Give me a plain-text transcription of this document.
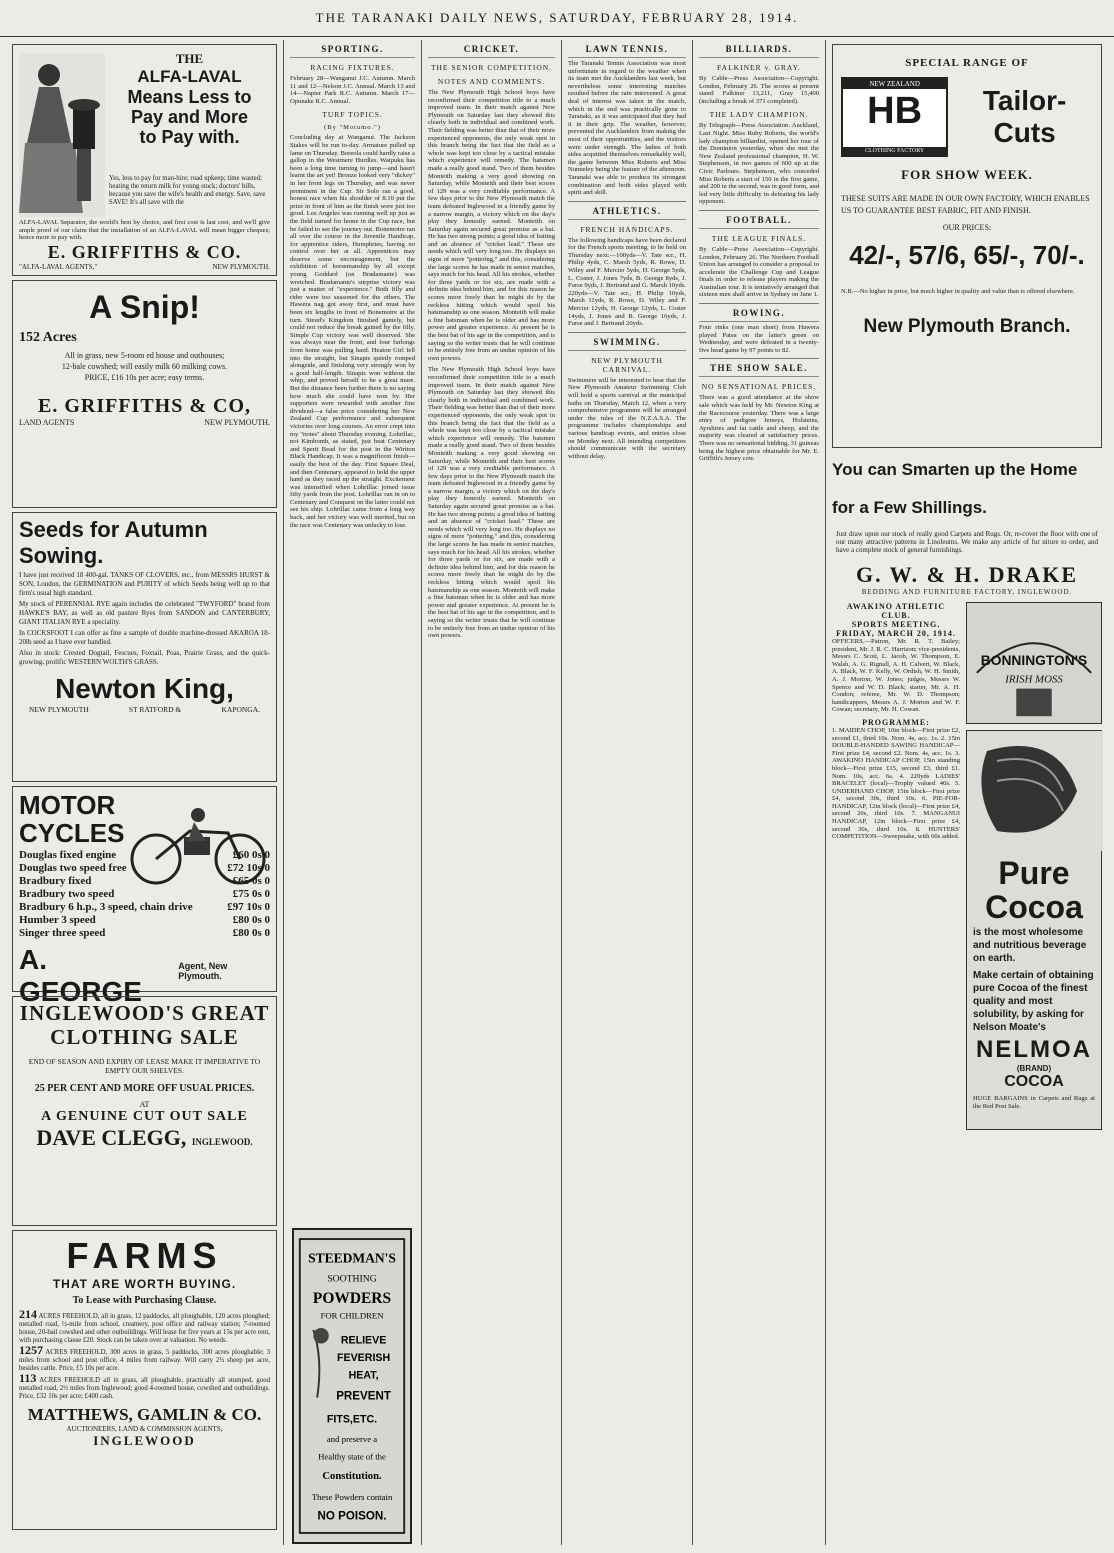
THE TARANAKI DAILY NEWS, SATURDAY, FEBRUARY 28, 1914.
THE
ALFA-LAVAL
Means Less to
Pay and More
to Pay with.
Yes, less to pay for man-hire; road upkeep; time wasted; heating the return milk for young stock; doctors' bills, because you save the wife's health and energy. Save, save SAVE! It's all save with the
ALFA-LAVAL Separator, the world's best by choice, and first cost is last cost, and we'll give ample proof of our claim that the installation of an ALFA-LAVAL will mean bigger cheques; hence more to pay with.
E. GRIFFITHS & CO.
"ALFA-LAVAL AGENTS,"	NEW PLYMOUTH.
A Snip!
152 Acres
All in grass, new 5-room ed house and outhouses;
12-bale cowshed; will easily milk 60 milking cows.
PRICE, £16 10s per acre; easy terms.
E. GRIFFITHS & CO,
LAND AGENTS	NEW PLYMOUTH.
Seeds for Autumn Sowing.

I have just received 18 400-gal. TANKS OF CLOVERS, etc., from MESSRS HURST & SON, London, the GERMINATION and PURITY of which Seeds being well up to that firm's usual high standard.

My stock of PERENNIAL RYE again includes the celebrated "TWYFORD" brand from HAWKE'S BAY, as well as old pasture Ryes from SANDON and CANTERBURY, GIANT ITALIAN RYE a speciality.

In COCKSFOOT I can offer as fine a sample of double machine-dressed AKAROA 18-20lb seed as I have ever handled.

Also in stock: Crested Dogtail, Fescues, Foxtail, Poas, Prairie Grass, and the quick-growing, prolific WESTERN WOLTH'S GRASS.

Newton King,
NEW PLYMOUTH	ST RATFORD &	KAPONGA.
MOTOR
CYCLES
Douglas fixed engine	£60 0s 0
Douglas two speed free	£72 10s 0
Bradbury fixed	£65 0s 0
Bradbury two speed	£75 0s 0
Bradbury 6 h.p., 3 speed, chain drive	£97 10s 0
Humber 3 speed	£80 0s 0
Singer three speed	£80 0s 0
A. GEORGE
Agent, New Plymouth.
INGLEWOOD'S GREAT
CLOTHING SALE
END OF SEASON AND EXPIRY OF LEASE MAKE IT IMPERATIVE TO EMPTY OUR SHELVES.
25 PER CENT AND MORE OFF USUAL PRICES.
AT
A GENUINE CUT OUT SALE
DAVE CLEGG, INGLEWOOD.
FARMS
THAT ARE WORTH BUYING.
To Lease with Purchasing Clause.
214 ACRES FREEHOLD, all in grass, 12 paddocks, all ploughable, 120 acres ploughed; metalled road, ½-mile from school, creamery, post office and railway station; 7-roomed house, 20-bail cowshed and other outbuildings. Will lease for five years at 15s per acre rent, with purchasing clause £20. Stock can be taken over at valuation. No weeds.
1257 ACRES FREEHOLD, 300 acres in grass, 5 paddocks, 300 acres ploughable; 3 miles from school and post office, 4 miles from railway. Will carry 2½ sheep per acre, besides cattle. Price, £5 10s per acre.
113 ACRES FREEHOLD all in grass, all ploughable, practically all stumped, good metalled road, 2½ miles from Inglewood; good 4-roomed house, cowshed and outbuildings. Price, £32 10s per acre; £400 cash.
MATTHEWS, GAMLIN & CO.
AUCTIONEERS, LAND & COMMISSION AGENTS,
INGLEWOOD
SPORTING.
RACING FIXTURES.

February 28—Wanganui J.C. Autumn. March 11 and 12—Nelson J.C. Annual. March 13 and 14—Napier Park R.C. Autumn. March 17—Opunake R.C. Annual.

TURF TOPICS.
(By "Motumo.")

Concluding day at Wanganui. The Jackson Stakes will be run to-day. Armature pulled up lame on Thursday. Boreola could hardly raise a gallop in the Westmere Hurdles. Waipuku has been a long time turning to jump—and hasn't learnt the art yet! Bronze looked very "dickey" in her front legs on Thursday, and was never prominent in the Cup. Sir Solo ran a good, honest race when his shoulder of 8.10 put the prize in front of him as the finish were just too good. Los Angeles was running well up just as the field turned for home in the Cup race, but he failed to see the journey out. Bonemotre ran all over the course in the Juvenile Handicap, for apprentice riders, Humphries, having no control over her at all. Apprentices may deserve some encouragement, but the exhibition of horsemanship by all except young Goddard (on Bradamante) was wretched. Bradamante's surprise victory was just a matter of "experience." Both filly and rider were too seasoned for the others. The Hawera nag got away first, and must have been six lengths in front of Bonemotre at the turn. Steud's Kingdom finished gamely, but could not reduce the break gained by the filly. Simple Cup victory was well deserved. She was always near the front, and four furlongs from home was pulling hard. Heaton Girl fell into the straight, but Sinapis quietly romped alongside, and finishing very strongly won by a good half-length. Sinapis won without the whip, and proved herself to be a great mare. But the distance been further there is no saying how much she could have won by. Her supporters were rewarded with another fine dividend—a false price considering her New Zealand Cup performance and subsequent victories over long courses. An error crept into my "notes" about Thursday evening. Lohrillac, not Kimbomb, as stated, just beat Centenary and Sperit Bead for the post in the Wirtton Black Handicap. It was a magnificent finish—easily the best of the day. First Square Deal, and then Centenary, appeared to hold the upper hand as they raced up the straight. Excitement was intensified when Lohrillac joined issue fifty yards from the post. Lohrillac ran in on to Centenary and Conquest on the latter could not see his ship. Lohrillac came from a long way back, and her victory was well merited, but on the race was Centenary was unlucky to lose.

CRICKET.
THE SENIOR COMPETITION.
NOTES AND COMMENTS.

The New Plymouth High School boys have reconfirmed their competition title to a much improved team. In their match against New Plymouth on Saturday last they showed this clearly both in individual and combined work. Their fielding was better than that of their more experienced opponents, the only weak spot in this branch being the fact that the field as a whole was kept too close by a tactical mistake which experience will remedy. The batsmen made a really good stand. Two of them besides Monteith making a very good showing on Saturday, while Monteith and their best scores of 129 was a very creditable performance. A few days prior to the New Plymouth match the team defeated Inglewood in a friendly game by a narrow margin, a victory which on the day's play they honestly earned. Monteith on Saturday again secured great promise as a bat. He has two strong points; a good idea of batting and an absence of "cricket lead." These are needs which will very long too. He displays no signs of mere "pottering," and this, considering the large scores he has made in senior matches, says much for his head. All his strokes, whether for three yards or for six, are made with a definite idea behind him, and for this reason he scores more freely than he might do by the reckless hitting which would spoil his batsmanship as one season. Monteith will make a fine batsman when he is older and has more power and greater experience. At present he is the best bat of his age in the competition, and is saying so the writer trusts that he will continue to be entirely free from an undue opinion of his own powers.

The New Plymouth High School boys have reconfirmed their competition title to a much improved team. In their match against New Plymouth on Saturday last they showed this clearly both in individual and combined work. Their fielding was better than that of their more experienced opponents, the only weak spot in this branch being the fact that the field as a whole was kept too close by a tactical mistake which experience will remedy. The batsmen made a really good stand. Two of them besides Monteith making a very good showing on Saturday, while Monteith and their best scores of 129 was a very creditable performance. A few days prior to the New Plymouth match the team defeated Inglewood in a friendly game by a narrow margin, a victory which on the day's play they honestly earned. Monteith on Saturday again secured great promise as a bat. He has two strong points; a good idea of batting and an absence of "cricket lead." These are needs which will very long too. He displays no signs of mere "pottering," and this, considering the large scores he has made in senior matches, says much for his head. All his strokes, whether for three yards or for six, are made with a definite idea behind him, and for this reason he scores more freely than he might do by the reckless hitting which would spoil his batsmanship as one season. Monteith will make a fine batsman when he is older and has more power and greater experience. At present he is the best bat of his age in the competition, and is saying so the writer trusts that he will continue to be entirely free from an undue opinion of his own powers.

LAWN TENNIS.

The Taranaki Tennis Association was most unfortunate in regard to the weather when its team met the Aucklanders last week, but nevertheless some interesting matches resulted before the rain intervened. A great deal of interest was taken in the match, which in the end was practically gone to Taranaki, as it was anticipated that they had it in their grip. The weather, however, prevented the Aucklanders from making the most of their opportunities, and the visitors were under strength. The ladies of both sides acquitted themselves remarkably well, the game between Miss Roberts and Miss Nunneley being the feature of the afternoon. Taranaki was able to produce its strongest combination and both sides played with spirit and skill.

ATHLETICS.
FRENCH HANDICAPS.

The following handicaps have been declared for the French sports meeting, to be held on Thursday next:—100yds—V. Tate scr., H. Philip 4yds, C. Marsh 5yds, R. Rowe, D. Wiley and F. Mercier 5yds, H. George 5yds, L. Coster, J. Jones 7yds, B. George 8yds, J. Furse 9yds, J. Bertrand and G. Marsh 10yds. 220yds—V. Tate scr., H. Philip 10yds, Marsh 11yds, R. Rowe, D. Wiley and F. Mercier 12yds, H. George 12yds, L. Coster 14yds, J. Jones and B. George 16yds, J. Furse and J. Bertrand 20yds.

SWIMMING.
NEW PLYMOUTH CARNIVAL.

Swimmers will be interested to hear that the New Plymouth Amateur Swimming Club will hold a sports carnival at the municipal baths on Thursday, March 12, when a very comprehensive programme will be arranged under the rules of the N.Z.A.S.A. The programme includes championships and various handicap events, and entries close on Monday next. All intending competitors should communicate with the secretary without delay.

BILLIARDS.
FALKINER v. GRAY.

By Cable—Press Association—Copyright. London, February 26. The scores at present stand: Falkiner 13,211, Gray 15,400 (including a break of 371 completed).

THE LADY CHAMPION.

By Telegraph—Press Association. Auckland, Last Night. Miss Ruby Roberts, the world's lady champion billiardist, opened her tour of the Dominion yesterday, when she met the New Zealand professional champion, H. W. Stephenson, in two games of 600 up at the Civic Parlours. Stephenson, who conceded Miss Roberts a start of 150 in the first game, and 200 in the second, was in good form, and led very little difficulty in defeating his lady opponent.

FOOTBALL.
THE LEAGUE FINALS.

By Cable—Press Association—Copyright. London, February 26. The Northern Football Union has arranged to consider a proposal to accelerate the Challenge Cup and League finals in order to release players making the Australian tour. It is tentatively arranged that sixteen men shall arrive in Sydney on June 1.

ROWING.

Four rinks (one man short) from Hawera played Patea on the latter's green on Wednesday, and were defeated in a twenty-five head game by 97 points to 82.

THE SHOW SALE.
NO SENSATIONAL PRICES.

There was a good attendance at the show sale which was held by Mr. Newton King at the Racecourse yesterday. There was a large entry of pedigree Jerseys, Holsteins, Ayrshires and fat cattle and sheep, and the majority was cleared at satisfactory prices. There was no sensational bidding, 31 guineas being the highest price obtainable for Mr. E. Griffith's Jersey cow.

SPECIAL RANGE OF
NEW ZEALAND
HB
CLOTHING FACTORY
Tailor-Cuts
FOR SHOW WEEK.
THESE SUITS ARE MADE IN OUR OWN FACTORY, WHICH ENABLES US TO GUARANTEE BEST FABRIC, FIT AND FINISH.
OUR PRICES:
42/-, 57/6, 65/-, 70/-.
N.B.—No higher in price, but much higher in quality and value than is offered elsewhere.
New Plymouth Branch.
You can Smarten up the Home
for a Few Shillings.
Just draw upon our stock of really good Carpets and Rugs. Or, re-cover the floor with one of our many attractive patterns in Linoleums. We make any article of fur niture to order, and have a complete stock of general furnishings.
G. W. & H. DRAKE
BEDDING AND FURNITURE FACTORY, INGLEWOOD.
AWAKINO ATHLETIC CLUB.
SPORTS MEETING.
FRIDAY, MARCH 20, 1914.

OFFICERS.—Patron, Mr. R. T. Bailey; president, Mr. J. R. C. Harrison; vice-presidents, Messrs C. Scott, L. Jacob, W. Thompson, E. Walsh, A. G. Rignall, A. H. Calvert, W. Black, A. Black, W. F. Kelly, W. Ordish, W. H. Smith, A. J. Morton, W. Jones; judges, Messrs W. Spence and W. D. Black; starter, Mr. A. H. Condon; referee, Mr. W. D. Thompson; handicappers, Messrs A. J. Morton and W. F. Cowan; secretary, Mr. H. Cowan.

PROGRAMME:

1. MAIDEN CHOP, 10in block—First prize £2, second £1, third 10s. Nom. 4s, acc. 1s. 2. 15in DOUBLE-HANDED SAWING HANDICAP—First prize £4, second £2. Nom. 4s, acc. 1s. 3. AWAKINO HANDICAP CHOP, 15in standing block—First prize £15, second £3, third £1. Nom. 10s, acc. 6s. 4. 220yds LADIES' BRACELET (local)—Trophy valued 40s. 5. UNDERHAND CHOP, 15in block—First prize £4, second 30s, third 10s. 6. PIE-FOR-HANDICAP, 12in block (local)—First prize £4, second 20s, third 10s. 7. MANGANUI HANDICAP, 12in block—First prize £4, second 30s, third 10s. 8. HUNTERS' COMPETITION—Sweepstake, with 60s added.

BONNINGTON'S
IRISH MOSS
Pure Cocoa
is the most wholesome and nutritious beverage on earth.
Make certain of obtaining pure Cocoa of the finest quality and most solubility, by asking for Nelson Moate's
NELMOA
(BRAND)
COCOA
HUGE BARGAINS in Carpets and Rugs at the Red Post Sale.
STEEDMAN'S
SOOTHING
POWDERS
FOR CHILDREN
RELIEVE
FEVERISH
HEAT,
PREVENT
FITS,ETC.
and preserve a
Healthy state of the
Constitution.
These Powders contain
NO POISON.
